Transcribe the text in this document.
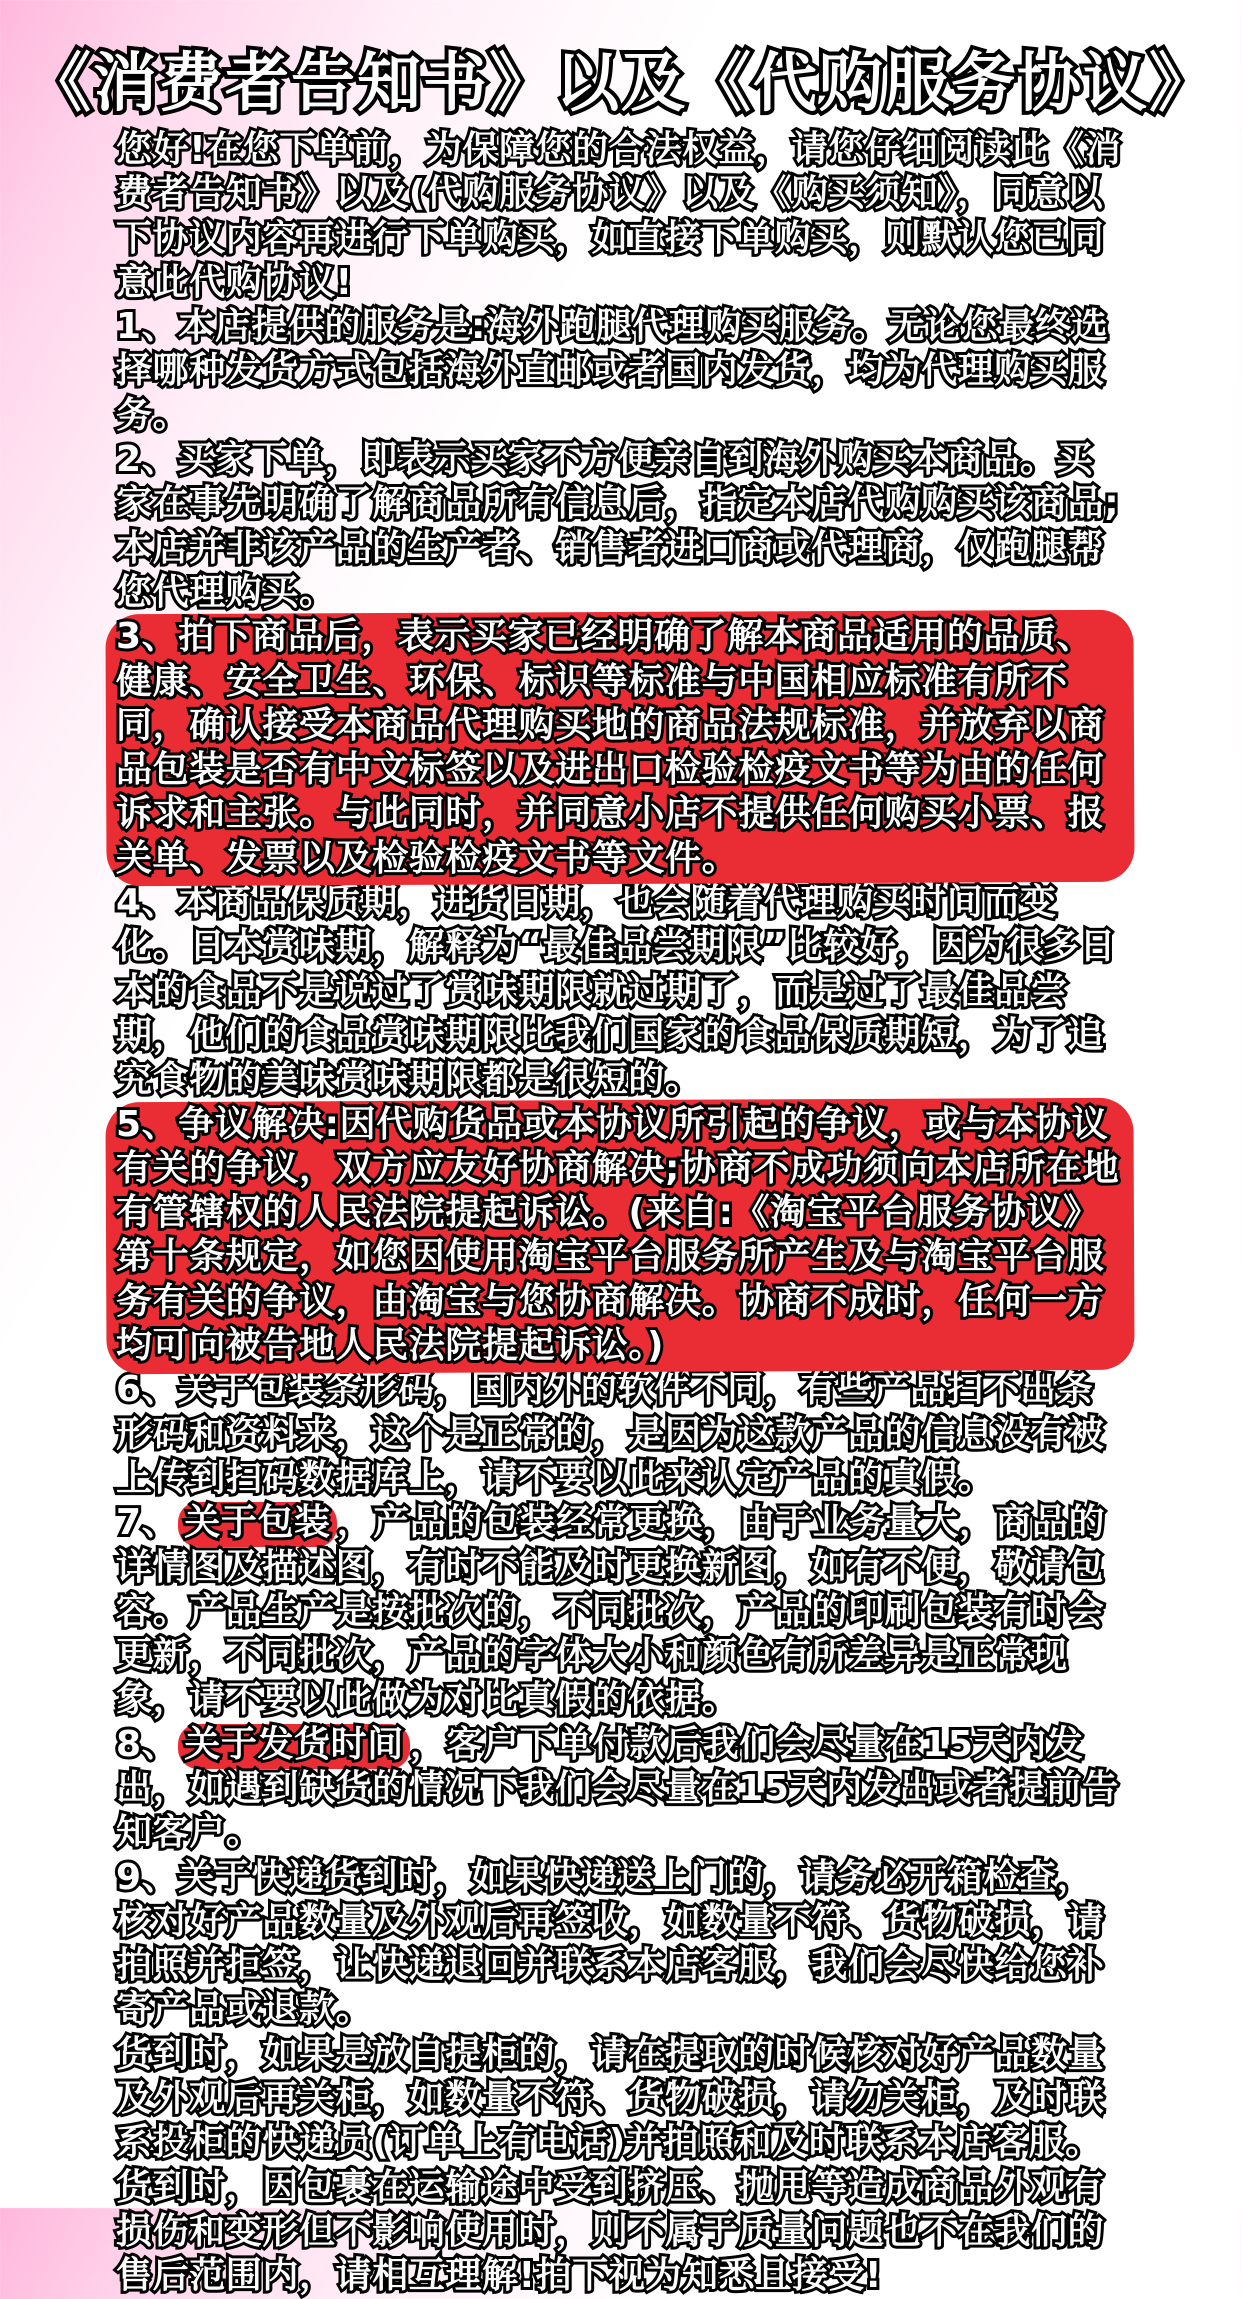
《消费者告知书》以及《代购服务协议》

您好!在您下单前，为保障您的合法权益，请您仔细阅读此《消费者告知书》以及(代购服务协议》以及《购买须知》，同意以下协议内容再进行下单购买，如直接下单购买，则默认您已同意此代购协议!

1、本店提供的服务是:海外跑腿代理购买服务。无论您最终选择哪种发货方式包括海外直邮或者国内发货，均为代理购买服务。

2、买家下单，即表示买家不方便亲自到海外购买本商品。买家在事先明确了解商品所有信息后，指定本店代购购买该商品;本店并非该产品的生产者、销售者进口商或代理商，仅跑腿帮您代理购买。

3、拍下商品后，表示买家已经明确了解本商品适用的品质、健康、安全卫生、环保、标识等标准与中国相应标准有所不同，确认接受本商品代理购买地的商品法规标准，并放弃以商品包装是否有中文标签以及进出口检验检疫文书等为由的任何诉求和主张。与此同时，并同意小店不提供任何购买小票、报关单、发票以及检验检疫文书等文件。

4、本商品保质期，进货日期，也会随着代理购买时间而变化。日本赏味期，解释为“最佳品尝期限”比较好，因为很多日本的食品不是说过了赏味期限就过期了，而是过了最佳品尝期，他们的食品赏味期限比我们国家的食品保质期短，为了追究食物的美味赏味期限都是很短的。

5、争议解决:因代购货品或本协议所引起的争议，或与本协议有关的争议，双方应友好协商解决;协商不成功须向本店所在地有管辖权的人民法院提起诉讼。(来自:《淘宝平台服务协议》第十条规定，如您因使用淘宝平台服务所产生及与淘宝平台服务有关的争议，由淘宝与您协商解决。协商不成时，任何一方均可向被告地人民法院提起诉讼。)

6、关于包装条形码，国内外的软件不同，有些产品扫不出条形码和资料来，这个是正常的，是因为这款产品的信息没有被上传到扫码数据库上，请不要以此来认定产品的真假。

7、 关于包装 ，产品的包装经常更换，由于业务量大，商品的详情图及描述图，有时不能及时更换新图，如有不便，敬请包容。产品生产是按批次的，不同批次，产品的印刷包装有时会更新，不同批次，产品的字体大小和颜色有所差异是正常现象，请不要以此做为对比真假的依据。

8、 关于发货时间 ，客户下单付款后我们会尽量在15天内发出，如遇到缺货的情况下我们会尽量在15天内发出或者提前告知客户。

9、关于快递货到时，如果快递送上门的，请务必开箱检查，核对好产品数量及外观后再签收，如数量不符、货物破损，请拍照并拒签，让快递退回并联系本店客服，我们会尽快给您补寄产品或退款。

货到时，如果是放自提柜的，请在提取的时候核对好产品数量及外观后再关柜，如数量不符、货物破损，请勿关柜，及时联系投柜的快递员(订单上有电话)并拍照和及时联系本店客服。

货到时，因包裹在运输途中受到挤压、抛甩等造成商品外观有损伤和变形但不影响使用时，则不属于质量问题也不在我们的售后范围内，请相互理解!拍下视为知悉且接受!
